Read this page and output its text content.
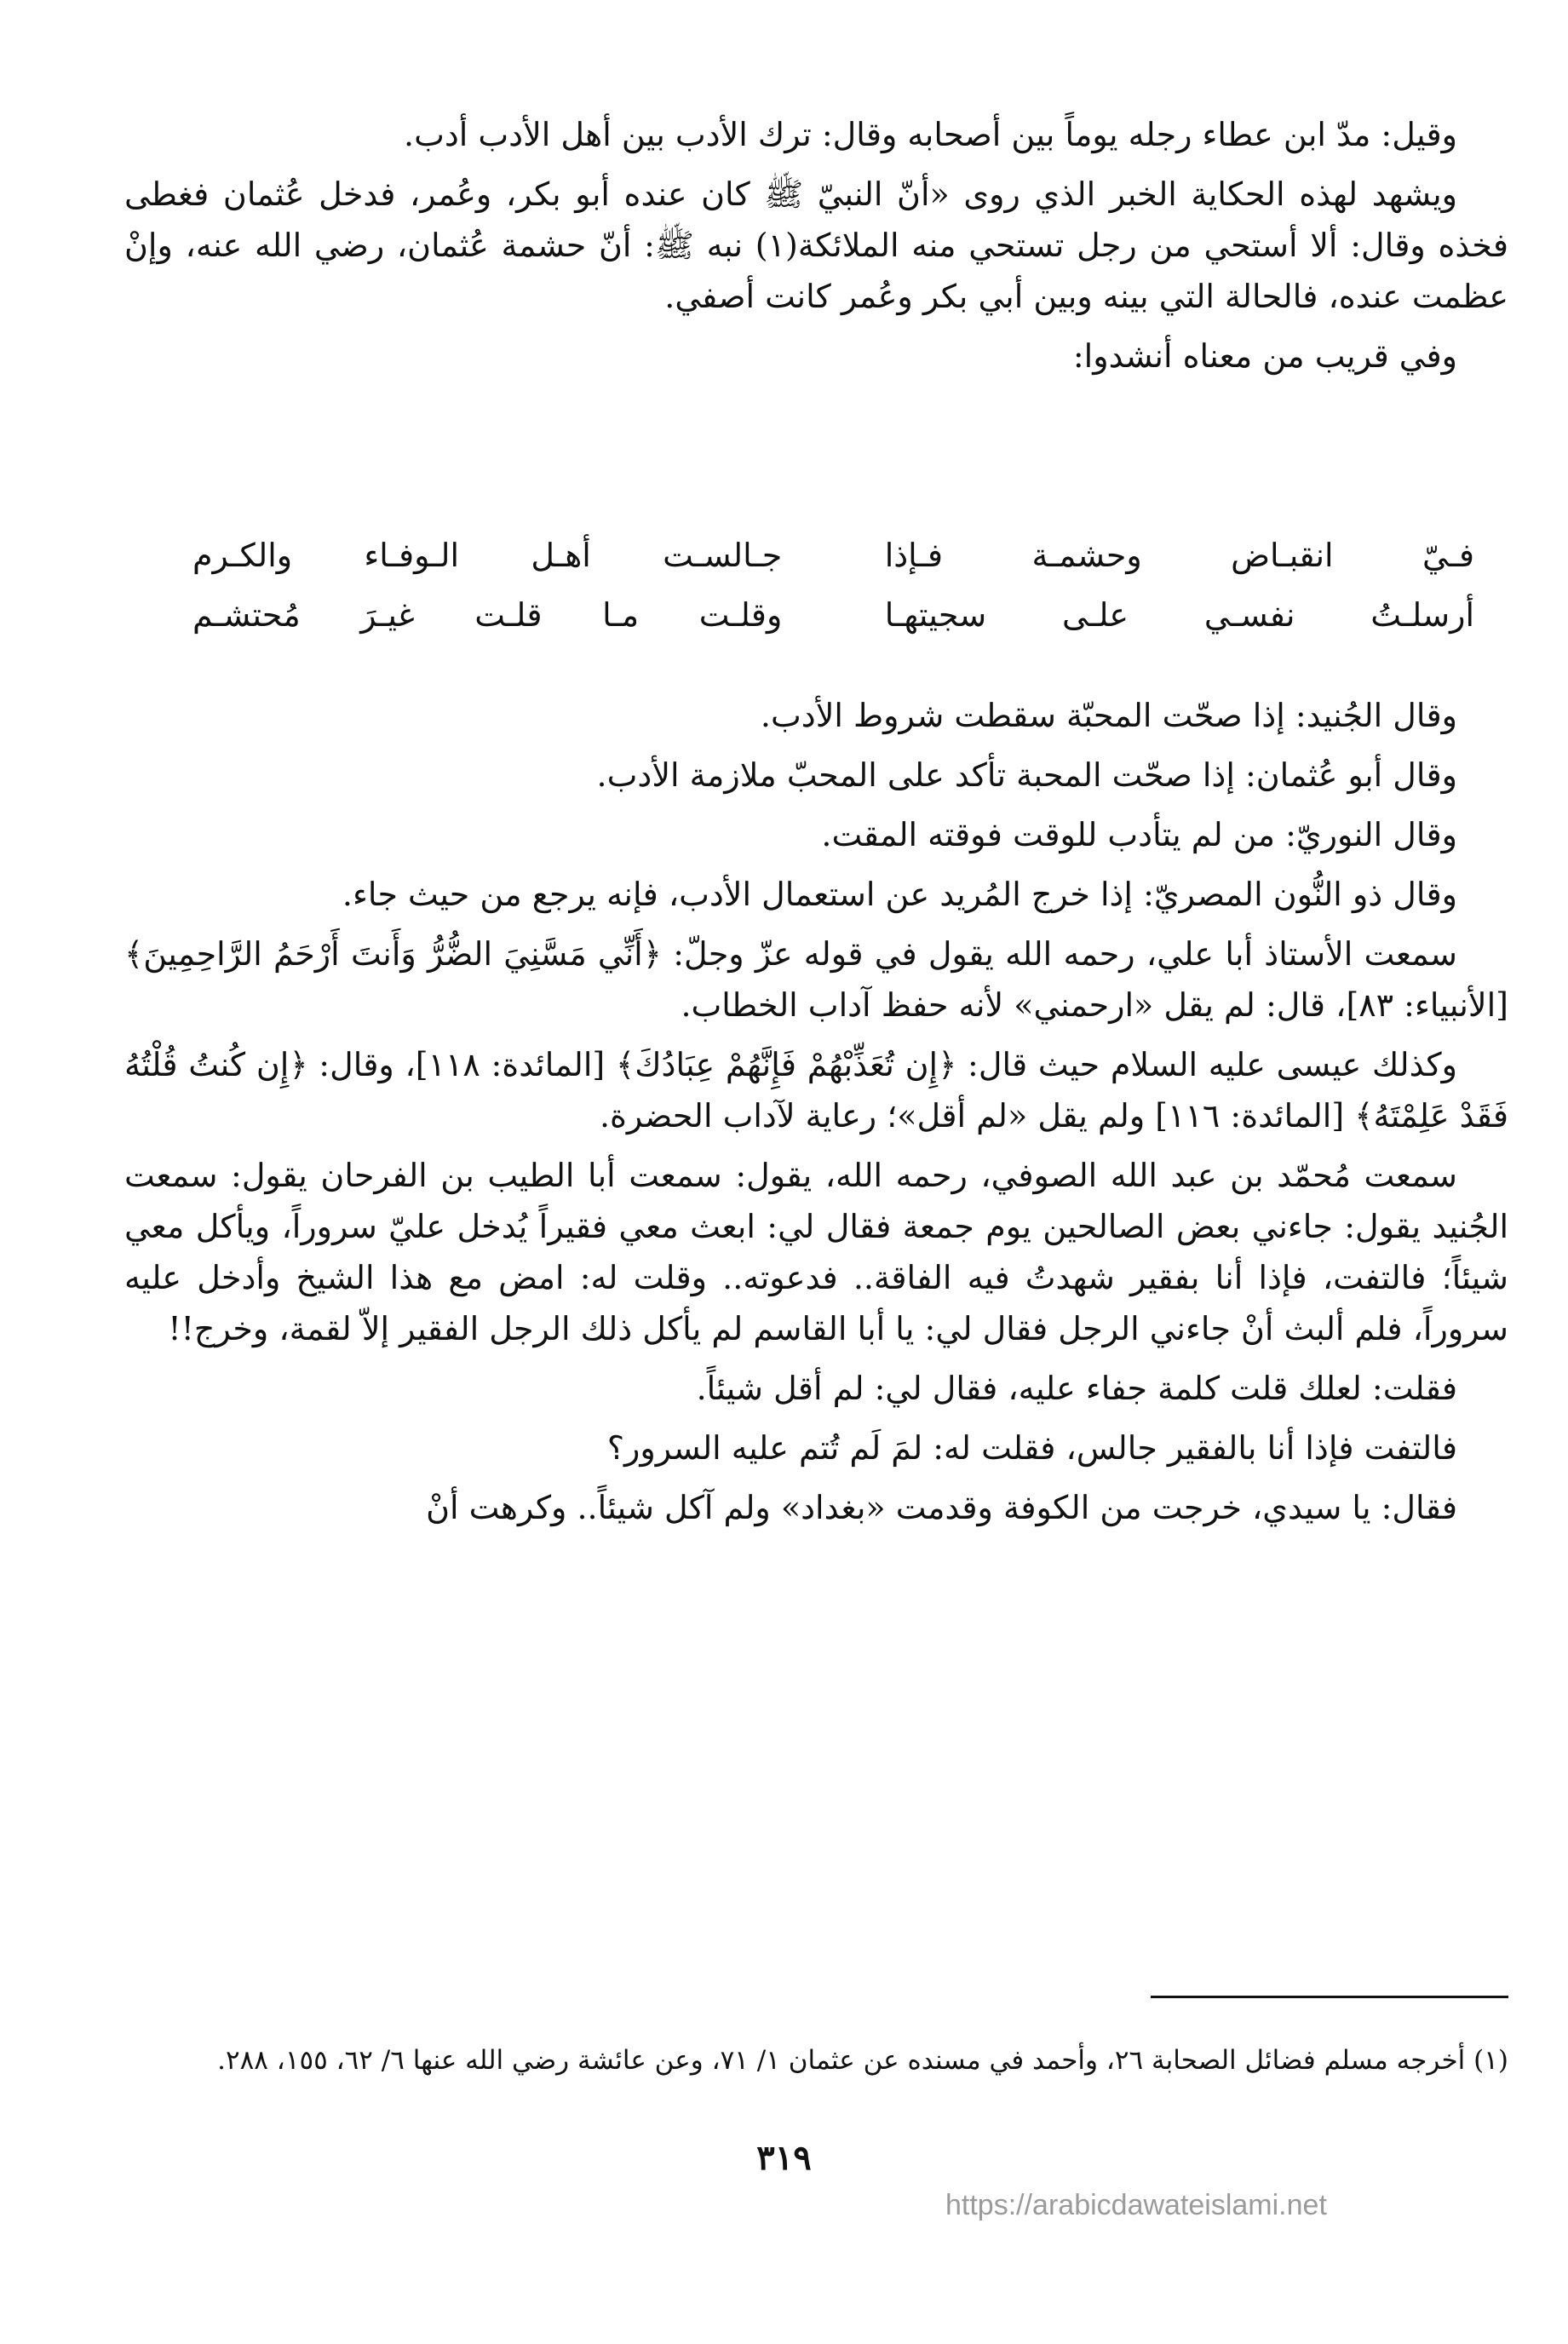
وقيل: مدّ ابن عطاء رجله يوماً بين أصحابه وقال: ترك الأدب بين أهل الأدب أدب.

ويشهد لهذه الحكاية الخبر الذي روى «أنّ النبيّ ﷺ كان عنده أبو بكر، وعُمر، فدخل عُثمان فغطى فخذه وقال: ألا أستحي من رجل تستحي منه الملائكة(١) نبه ﷺ: أنّ حشمة عُثمان، رضي الله عنه، وإنْ عظمت عنده، فالحالة التي بينه وبين أبي بكر وعُمر كانت أصفي.

وفي قريب من معناه أنشدوا:

فـيّ انقبـاض وحشمـة فـإذا
جـالسـت أهـل الـوفـاء والكـرم
أرسلـتُ نفسـي علـى سجيتهـا
وقلـت مـا قلـت غيـرَ مُحتشـم

وقال الجُنيد: إذا صحّت المحبّة سقطت شروط الأدب.

وقال أبو عُثمان: إذا صحّت المحبة تأكد على المحبّ ملازمة الأدب.

وقال النوريّ: من لم يتأدب للوقت فوقته المقت.

وقال ذو النُّون المصريّ: إذا خرج المُريد عن استعمال الأدب، فإنه يرجع من حيث جاء.

سمعت الأستاذ أبا علي، رحمه الله يقول في قوله عزّ وجلّ: ﴿أَنِّي مَسَّنِيَ الضُّرُّ وَأَنتَ أَرْحَمُ الرَّاحِمِينَ﴾ [الأنبياء: ٨٣]، قال: لم يقل «ارحمني» لأنه حفظ آداب الخطاب.

وكذلك عيسى عليه السلام حيث قال: ﴿إِن تُعَذِّبْهُمْ فَإِنَّهُمْ عِبَادُكَ﴾ [المائدة: ١١٨]، وقال: ﴿إِن كُنتُ قُلْتُهُ فَقَدْ عَلِمْتَهُ﴾ [المائدة: ١١٦] ولم يقل «لم أقل»؛ رعاية لآداب الحضرة.

سمعت مُحمّد بن عبد الله الصوفي، رحمه الله، يقول: سمعت أبا الطيب بن الفرحان يقول: سمعت الجُنيد يقول: جاءني بعض الصالحين يوم جمعة فقال لي: ابعث معي فقيراً يُدخل عليّ سروراً، ويأكل معي شيئاً؛ فالتفت، فإذا أنا بفقير شهدتُ فيه الفاقة.. فدعوته.. وقلت له: امض مع هذا الشيخ وأدخل عليه سروراً، فلم ألبث أنْ جاءني الرجل فقال لي: يا أبا القاسم لم يأكل ذلك الرجل الفقير إلاّ لقمة، وخرج!!

فقلت: لعلك قلت كلمة جفاء عليه، فقال لي: لم أقل شيئاً.

فالتفت فإذا أنا بالفقير جالس، فقلت له: لمَ لَم تُتم عليه السرور؟

فقال: يا سيدي، خرجت من الكوفة وقدمت «بغداد» ولم آكل شيئاً.. وكرهت أنْ

(١) أخرجه مسلم فضائل الصحابة ٢٦، وأحمد في مسنده عن عثمان ١/ ٧١، وعن عائشة رضي الله عنها ٦/ ٦٢، ١٥٥، ٢٨٨.

٣١٩
https://arabicdawateislami.net
